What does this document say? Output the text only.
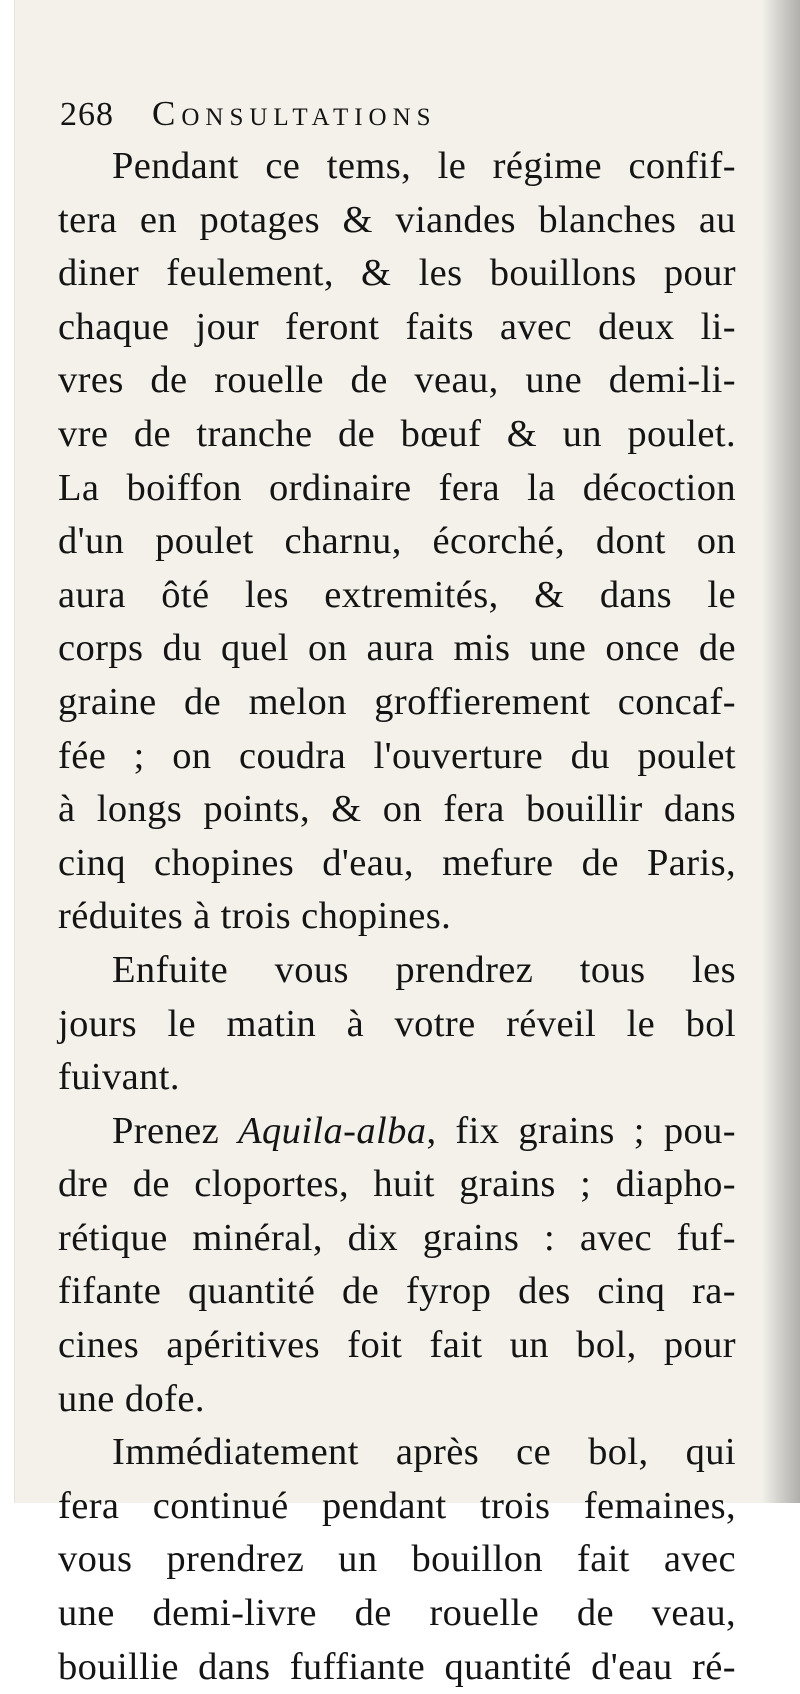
268 Consultations
Pendant ce tems, le régime confif-
tera en potages & viandes blanches au
diner feulement, & les bouillons pour
chaque jour feront faits avec deux li-
vres de rouelle de veau, une demi-li-
vre de tranche de bœuf & un poulet.
La boiffon ordinaire fera la décoction
d'un poulet charnu, écorché, dont on
aura ôté les extremités, & dans le
corps du quel on aura mis une once de
graine de melon groffierement concaf-
fée ; on coudra l'ouverture du poulet
à longs points, & on fera bouillir dans
cinq chopines d'eau, mefure de Paris,
réduites à trois chopines.
Enfuite vous prendrez tous les
jours le matin à votre réveil le bol
fuivant.
Prenez Aquila-alba, fix grains ; pou-
dre de cloportes, huit grains ; diapho-
rétique minéral, dix grains : avec fuf-
fifante quantité de fyrop des cinq ra-
cines apéritives foit fait un bol, pour
une dofe.
Immédiatement après ce bol, qui
fera continué pendant trois femaines,
vous prendrez un bouillon fait avec
une demi-livre de rouelle de veau,
bouillie dans fuffiante quantité d'eau ré-
